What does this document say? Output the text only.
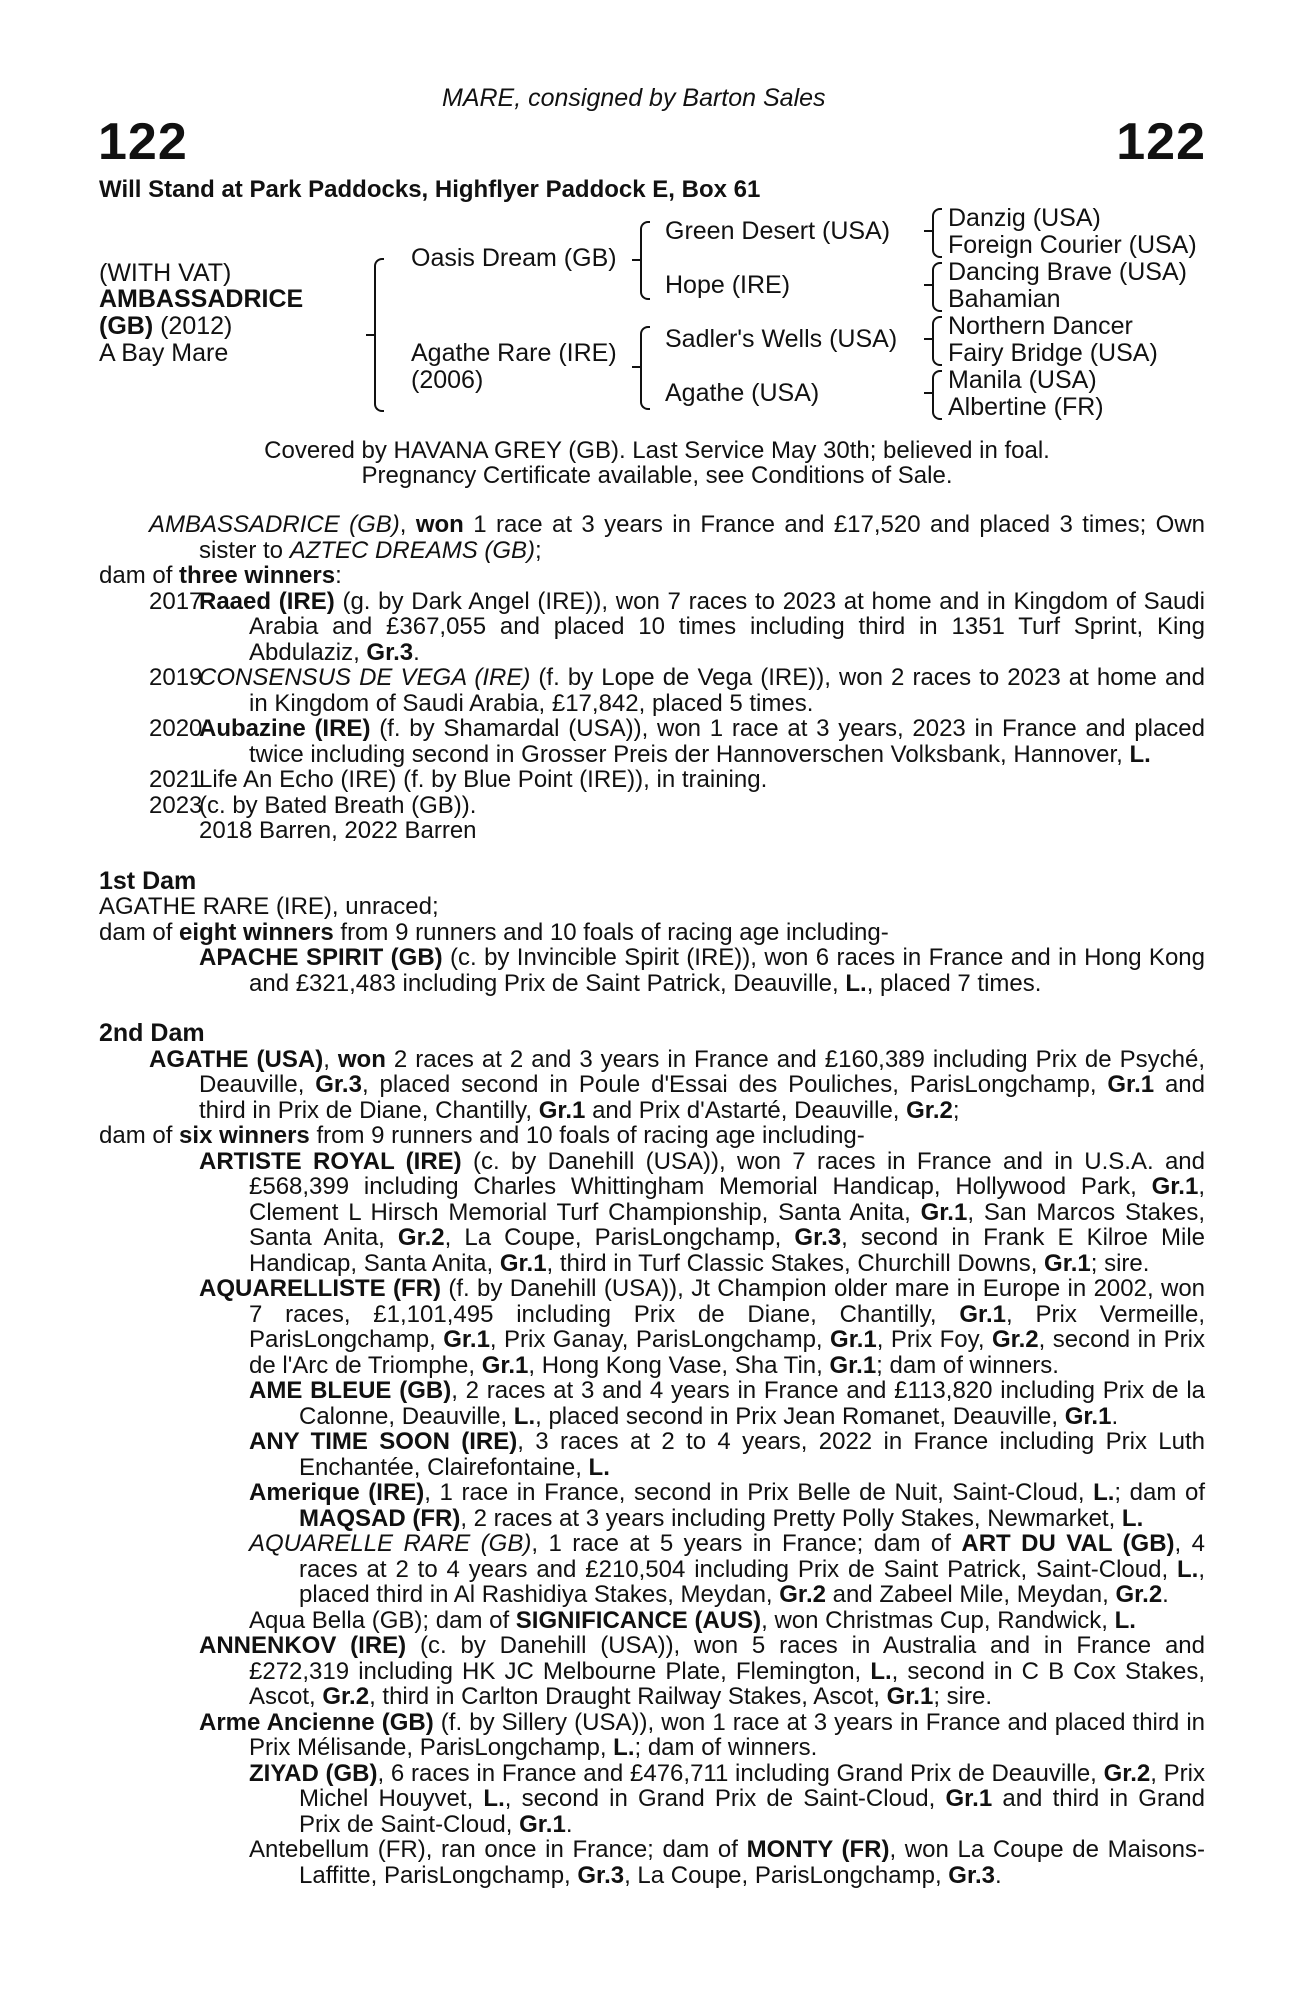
122
MARE, consigned by Barton Sales
122
Will Stand at Park Paddocks, Highflyer Paddock E, Box 61
(WITH VAT)
AMBASSADRICE
(GB) (2012)
A Bay Mare
Oasis Dream (GB)
Agathe Rare (IRE)
(2006)
Green Desert (USA)
Hope (IRE)
Sadler's Wells (USA)
Agathe (USA)
Danzig (USA)
Foreign Courier (USA)
Dancing Brave (USA)
Bahamian
Northern Dancer
Fairy Bridge (USA)
Manila (USA)
Albertine (FR)
Covered by HAVANA GREY (GB). Last Service May 30th; believed in foal.
Pregnancy Certificate available, see Conditions of Sale.

AMBASSADRICE (GB), won 1 race at 3 years in France and £17,520 and placed 3 times; Own sister to AZTEC DREAMS (GB);

dam of three winners:

2017
Raaed (IRE) (g. by Dark Angel (IRE)), won 7 races to 2023 at home and in Kingdom of Saudi Arabia and £367,055 and placed 10 times including third in 1351 Turf Sprint, King Abdulaziz, Gr.3.
2019
CONSENSUS DE VEGA (IRE) (f. by Lope de Vega (IRE)), won 2 races to 2023 at home and in Kingdom of Saudi Arabia, £17,842, placed 5 times.
2020
Aubazine (IRE) (f. by Shamardal (USA)), won 1 race at 3 years, 2023 in France and placed twice including second in Grosser Preis der Hannoverschen Volksbank, Hannover, L.
2021
Life An Echo (IRE) (f. by Blue Point (IRE)), in training.
2023
(c. by Bated Breath (GB)).
2018 Barren, 2022 Barren
1st Dam

AGATHE RARE (IRE), unraced;

dam of eight winners from 9 runners and 10 foals of racing age including-

APACHE SPIRIT (GB) (c. by Invincible Spirit (IRE)), won 6 races in France and in Hong Kong and £321,483 including Prix de Saint Patrick, Deauville, L., placed 7 times.

2nd Dam

AGATHE (USA), won 2 races at 2 and 3 years in France and £160,389 including Prix de Psyché, Deauville, Gr.3, placed second in Poule d'Essai des Pouliches, ParisLongchamp, Gr.1 and third in Prix de Diane, Chantilly, Gr.1 and Prix d'Astarté, Deauville, Gr.2;

dam of six winners from 9 runners and 10 foals of racing age including-

ARTISTE ROYAL (IRE) (c. by Danehill (USA)), won 7 races in France and in U.S.A. and £568,399 including Charles Whittingham Memorial Handicap, Hollywood Park, Gr.1, Clement L Hirsch Memorial Turf Championship, Santa Anita, Gr.1, San Marcos Stakes, Santa Anita, Gr.2, La Coupe, ParisLongchamp, Gr.3, second in Frank E Kilroe Mile Handicap, Santa Anita, Gr.1, third in Turf Classic Stakes, Churchill Downs, Gr.1; sire.

AQUARELLISTE (FR) (f. by Danehill (USA)), Jt Champion older mare in Europe in 2002, won 7 races, £1,101,495 including Prix de Diane, Chantilly, Gr.1, Prix Vermeille, ParisLongchamp, Gr.1, Prix Ganay, ParisLongchamp, Gr.1, Prix Foy, Gr.2, second in Prix de l'Arc de Triomphe, Gr.1, Hong Kong Vase, Sha Tin, Gr.1; dam of winners.

AME BLEUE (GB), 2 races at 3 and 4 years in France and £113,820 including Prix de la Calonne, Deauville, L., placed second in Prix Jean Romanet, Deauville, Gr.1.

ANY TIME SOON (IRE), 3 races at 2 to 4 years, 2022 in France including Prix Luth Enchantée, Clairefontaine, L.

Amerique (IRE), 1 race in France, second in Prix Belle de Nuit, Saint-Cloud, L.; dam of MAQSAD (FR), 2 races at 3 years including Pretty Polly Stakes, Newmarket, L.

AQUARELLE RARE (GB), 1 race at 5 years in France; dam of ART DU VAL (GB), 4 races at 2 to 4 years and £210,504 including Prix de Saint Patrick, Saint-Cloud, L., placed third in Al Rashidiya Stakes, Meydan, Gr.2 and Zabeel Mile, Meydan, Gr.2.

Aqua Bella (GB); dam of SIGNIFICANCE (AUS), won Christmas Cup, Randwick, L.

ANNENKOV (IRE) (c. by Danehill (USA)), won 5 races in Australia and in France and £272,319 including HK JC Melbourne Plate, Flemington, L., second in C B Cox Stakes, Ascot, Gr.2, third in Carlton Draught Railway Stakes, Ascot, Gr.1; sire.

Arme Ancienne (GB) (f. by Sillery (USA)), won 1 race at 3 years in France and placed third in Prix Mélisande, ParisLongchamp, L.; dam of winners.

ZIYAD (GB), 6 races in France and £476,711 including Grand Prix de Deauville, Gr.2, Prix Michel Houyvet, L., second in Grand Prix de Saint-Cloud, Gr.1 and third in Grand Prix de Saint-Cloud, Gr.1.

Antebellum (FR), ran once in France; dam of MONTY (FR), won La Coupe de Maisons-Laffitte, ParisLongchamp, Gr.3, La Coupe, ParisLongchamp, Gr.3.
